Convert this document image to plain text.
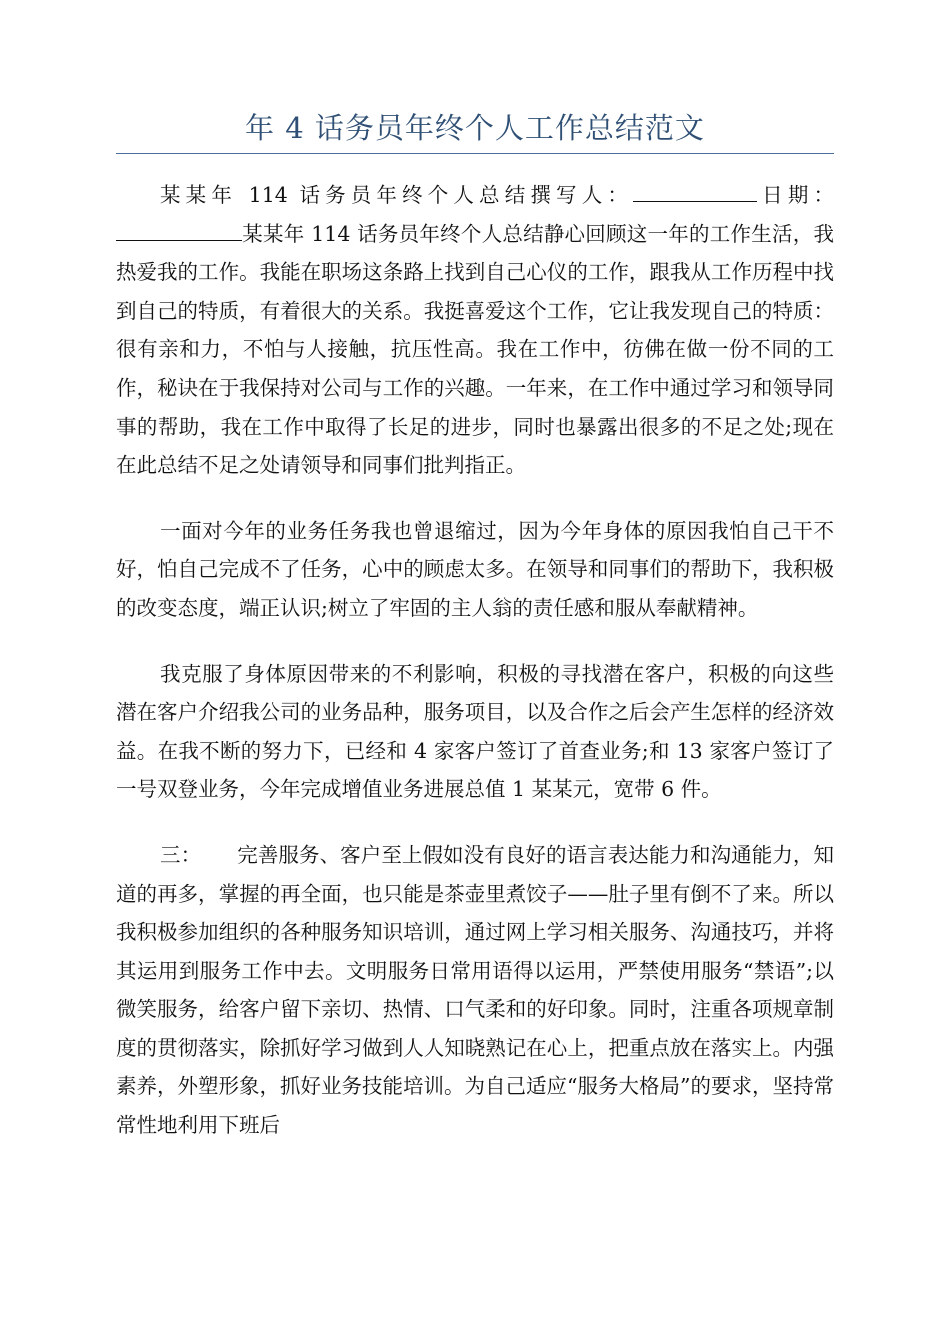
年 4 话务员年终个人工作总结范文

某某年 114 话务员年终个人总结撰写人：	日期：某某年 114 话务员年终个人总结静心回顾这一年的工作生活，我热爱我的工作。我能在职场这条路上找到自己心仪的工作，跟我从工作历程中找到自己的特质，有着很大的关系。我挺喜爱这个工作，它让我发现自己的特质：很有亲和力，不怕与人接触，抗压性高。我在工作中，彷佛在做一份不同的工作，秘诀在于我保持对公司与工作的兴趣。一年来，在工作中通过学习和领导同事的帮助，我在工作中取得了长足的进步，同时也暴露出很多的不足之处;现在在此总结不足之处请领导和同事们批判指正。

一面对今年的业务任务我也曾退缩过，因为今年身体的原因我怕自己干不好，怕自己完成不了任务，心中的顾虑太多。在领导和同事们的帮助下，我积极的改变态度，端正认识;树立了牢固的主人翁的责任感和服从奉献精神。

我克服了身体原因带来的不利影响，积极的寻找潜在客户，积极的向这些潜在客户介绍我公司的业务品种，服务项目，以及合作之后会产生怎样的经济效益。在我不断的努力下，已经和 4 家客户签订了首查业务;和 13 家客户签订了一号双登业务，今年完成增值业务进展总值 1 某某元，宽带 6 件。

三： 完善服务、客户至上假如没有良好的语言表达能力和沟通能力，知道的再多，掌握的再全面，也只能是茶壶里煮饺子——肚子里有倒不了来。所以我积极参加组织的各种服务知识培训，通过网上学习相关服务、沟通技巧，并将其运用到服务工作中去。文明服务日常用语得以运用，严禁使用服务“禁语”;以微笑服务，给客户留下亲切、热情、口气柔和的好印象。同时，注重各项规章制度的贯彻落实，除抓好学习做到人人知晓熟记在心上，把重点放在落实上。内强素养，外塑形象，抓好业务技能培训。为自己适应“服务大格局”的要求，坚持常常性地利用下班后
